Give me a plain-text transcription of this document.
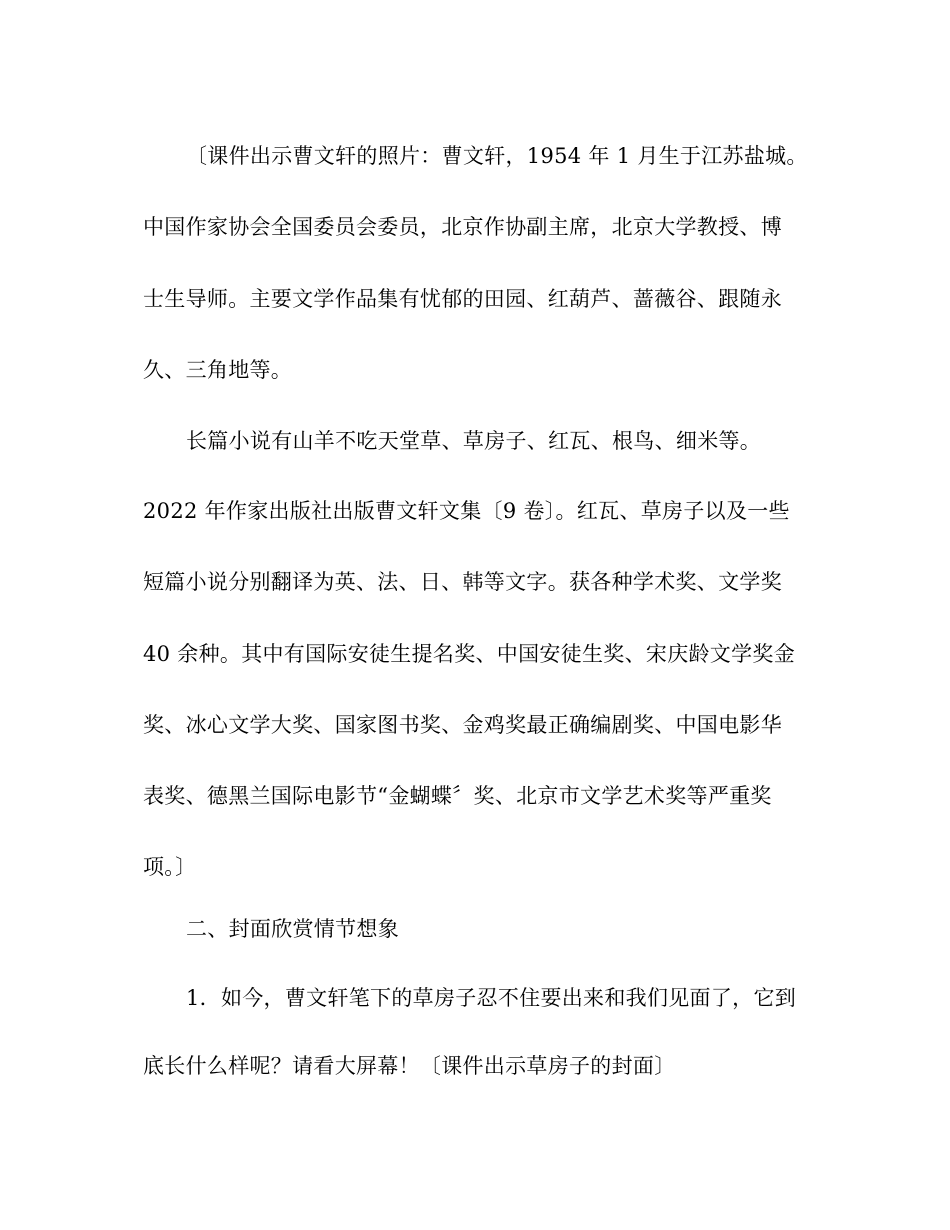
〔课件出示曹文轩的照片：曹文轩，1954 年 1 月生于江苏盐城。
中国作家协会全国委员会委员，北京作协副主席，北京大学教授、博
士生导师。主要文学作品集有忧郁的田园、红葫芦、蔷薇谷、跟随永
久、三角地等。
长篇小说有山羊不吃天堂草、草房子、红瓦、根鸟、细米等。
2022 年作家出版社出版曹文轩文集〔9 卷〕。红瓦、草房子以及一些
短篇小说分别翻译为英、法、日、韩等文字。获各种学术奖、文学奖
40 余种。其中有国际安徒生提名奖、中国安徒生奖、宋庆龄文学奖金
奖、冰心文学大奖、国家图书奖、金鸡奖最正确编剧奖、中国电影华
表奖、德黑兰国际电影节“金蝴蝶〞奖、北京市文学艺术奖等严重奖
项。〕
二、封面欣赏情节想象
1．如今，曹文轩笔下的草房子忍不住要出来和我们见面了，它到
底长什么样呢？请看大屏幕！〔课件出示草房子的封面〕
